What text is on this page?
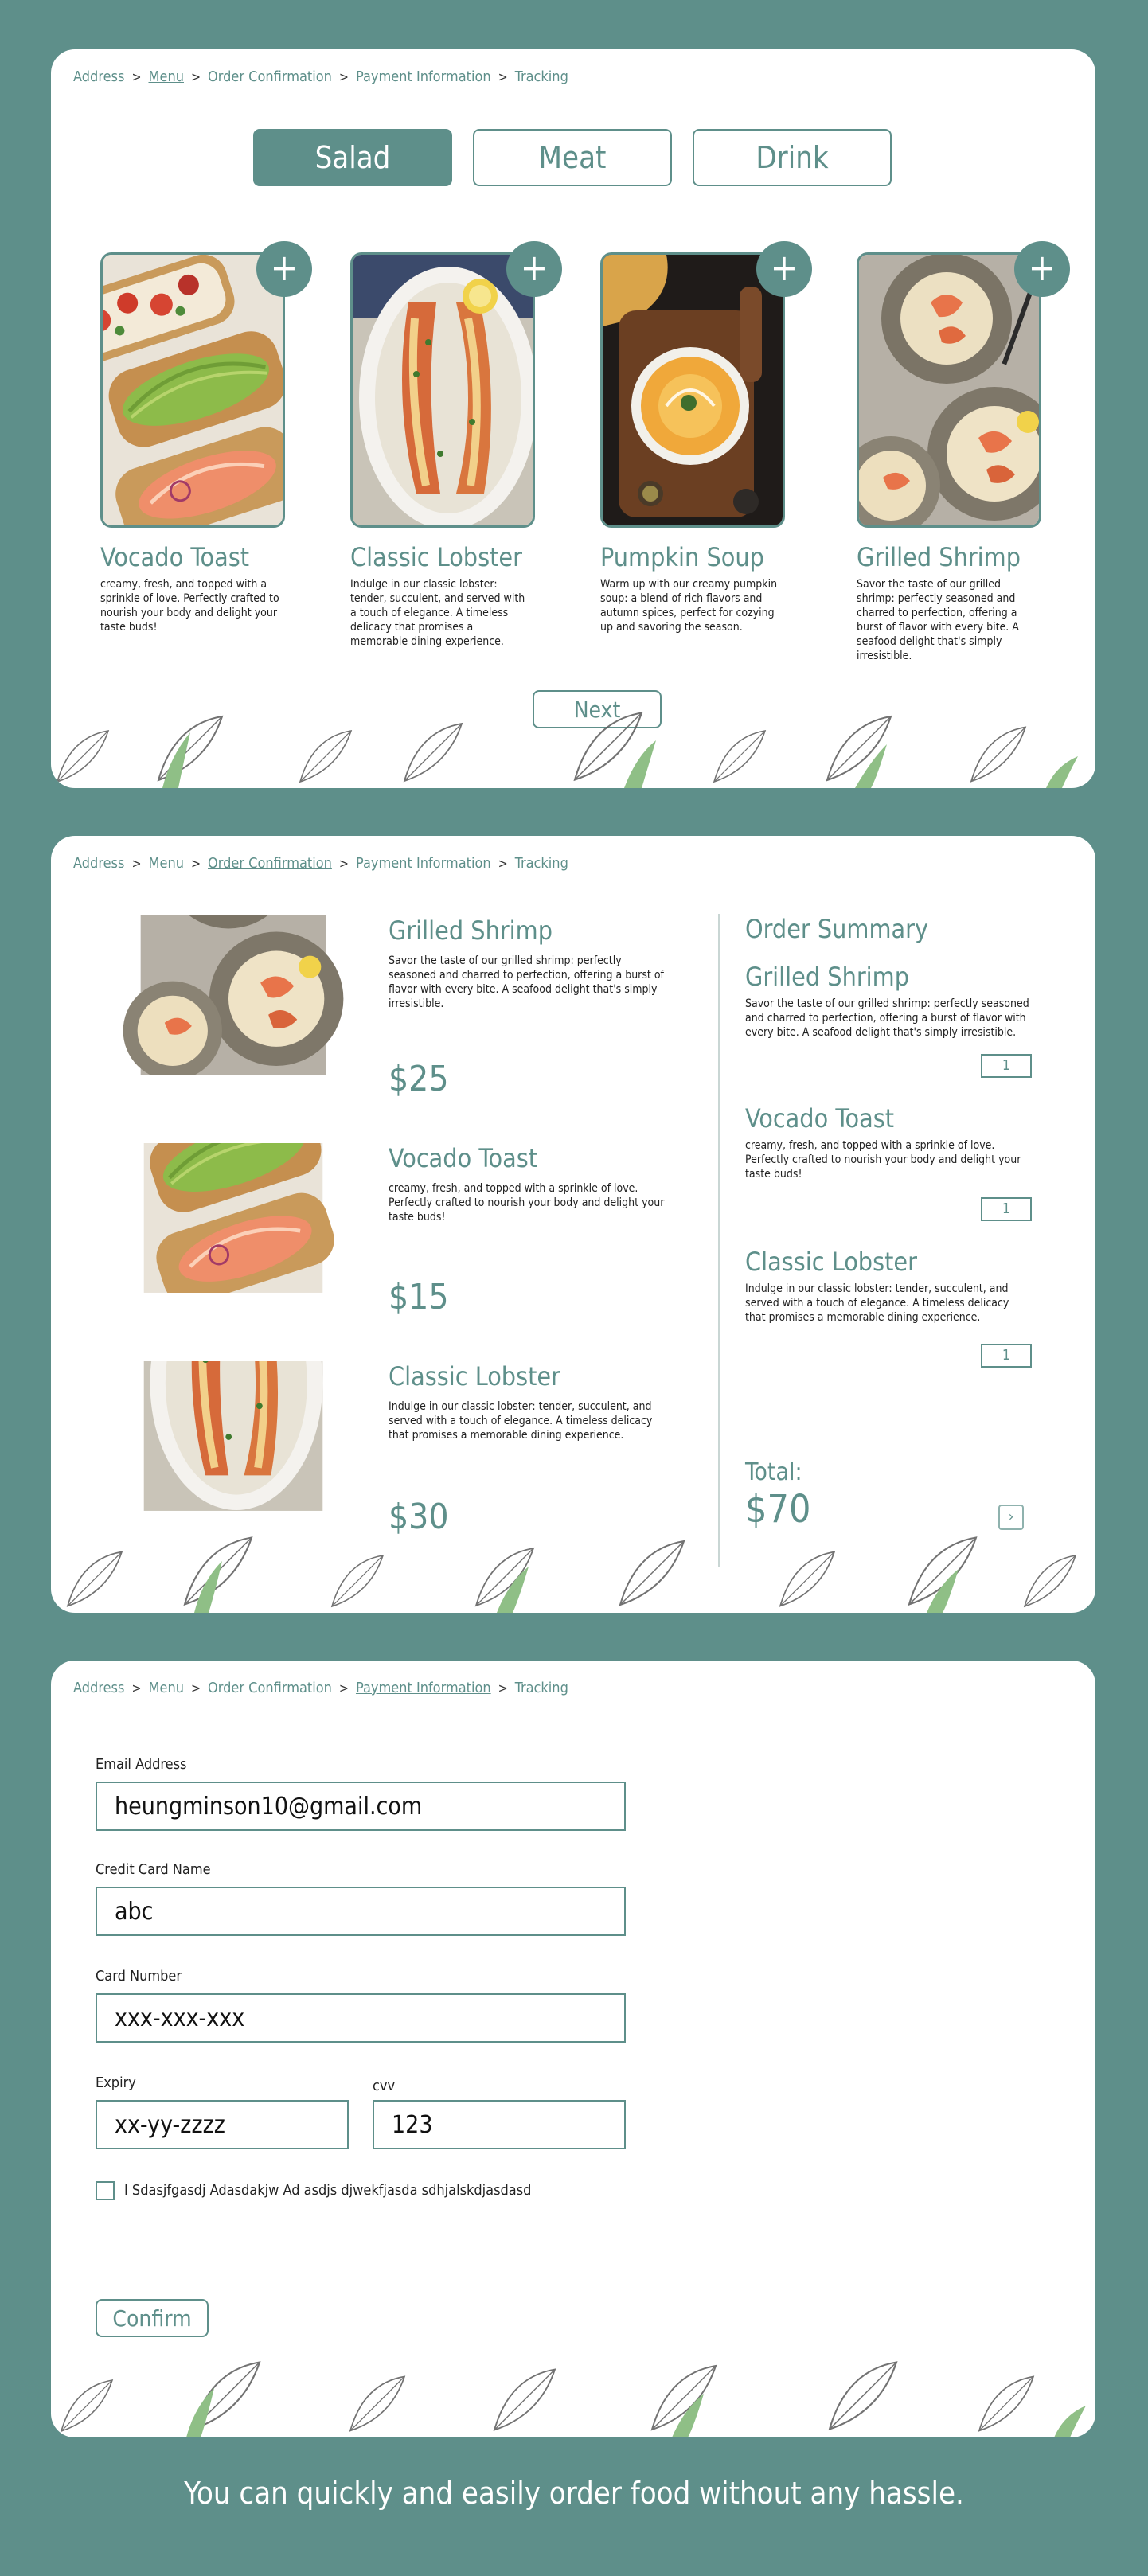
Address > Menu > Order Confirmation > Payment Information > Tracking
Salad	Meat	Drink
+
Vocado Toast
creamy, fresh, and topped with a sprinkle of love. Perfectly crafted to nourish your body and delight your taste buds!
+
Classic Lobster
Indulge in our classic lobster: tender, succulent, and served with a touch of elegance. A timeless delicacy that promises a memorable dining experience.
+
Pumpkin Soup
Warm up with our creamy pumpkin soup: a blend of rich flavors and autumn spices, perfect for cozying up and savoring the season.
+
Grilled Shrimp
Savor the taste of our grilled shrimp: perfectly seasoned and charred to perfection, offering a burst of flavor with every bite. A seafood delight that's simply irresistible.
Next
Address > Menu > Order Confirmation > Payment Information > Tracking
Grilled Shrimp
Savor the taste of our grilled shrimp: perfectly seasoned and charred to perfection, offering a burst of flavor with every bite. A seafood delight that's simply irresistible.
$25
Vocado Toast
creamy, fresh, and topped with a sprinkle of love. Perfectly crafted to nourish your body and delight your taste buds!
$15
Classic Lobster
Indulge in our classic lobster: tender, succulent, and served with a touch of elegance. A timeless delicacy that promises a memorable dining experience.
$30
Order Summary
Grilled Shrimp
Savor the taste of our grilled shrimp: perfectly seasoned and charred to perfection, offering a burst of flavor with every bite. A seafood delight that's simply irresistible.
1
Vocado Toast
creamy, fresh, and topped with a sprinkle of love. Perfectly crafted to nourish your body and delight your taste buds!
1
Classic Lobster
Indulge in our classic lobster: tender, succulent, and served with a touch of elegance. A timeless delicacy that promises a memorable dining experience.
1
Total:
$70	›
Address > Menu > Order Confirmation > Payment Information > Tracking
Email Address
heungminson10@gmail.com
Credit Card Name
abc
Card Number
xxx-xxx-xxx
Expiry
xx-yy-zzzz
cvv
123
I Sdasjfgasdj Adasdakjw Ad asdjs djwekfjasda sdhjalskdjasdasd
Confirm
You can quickly and easily order food without any hassle.
